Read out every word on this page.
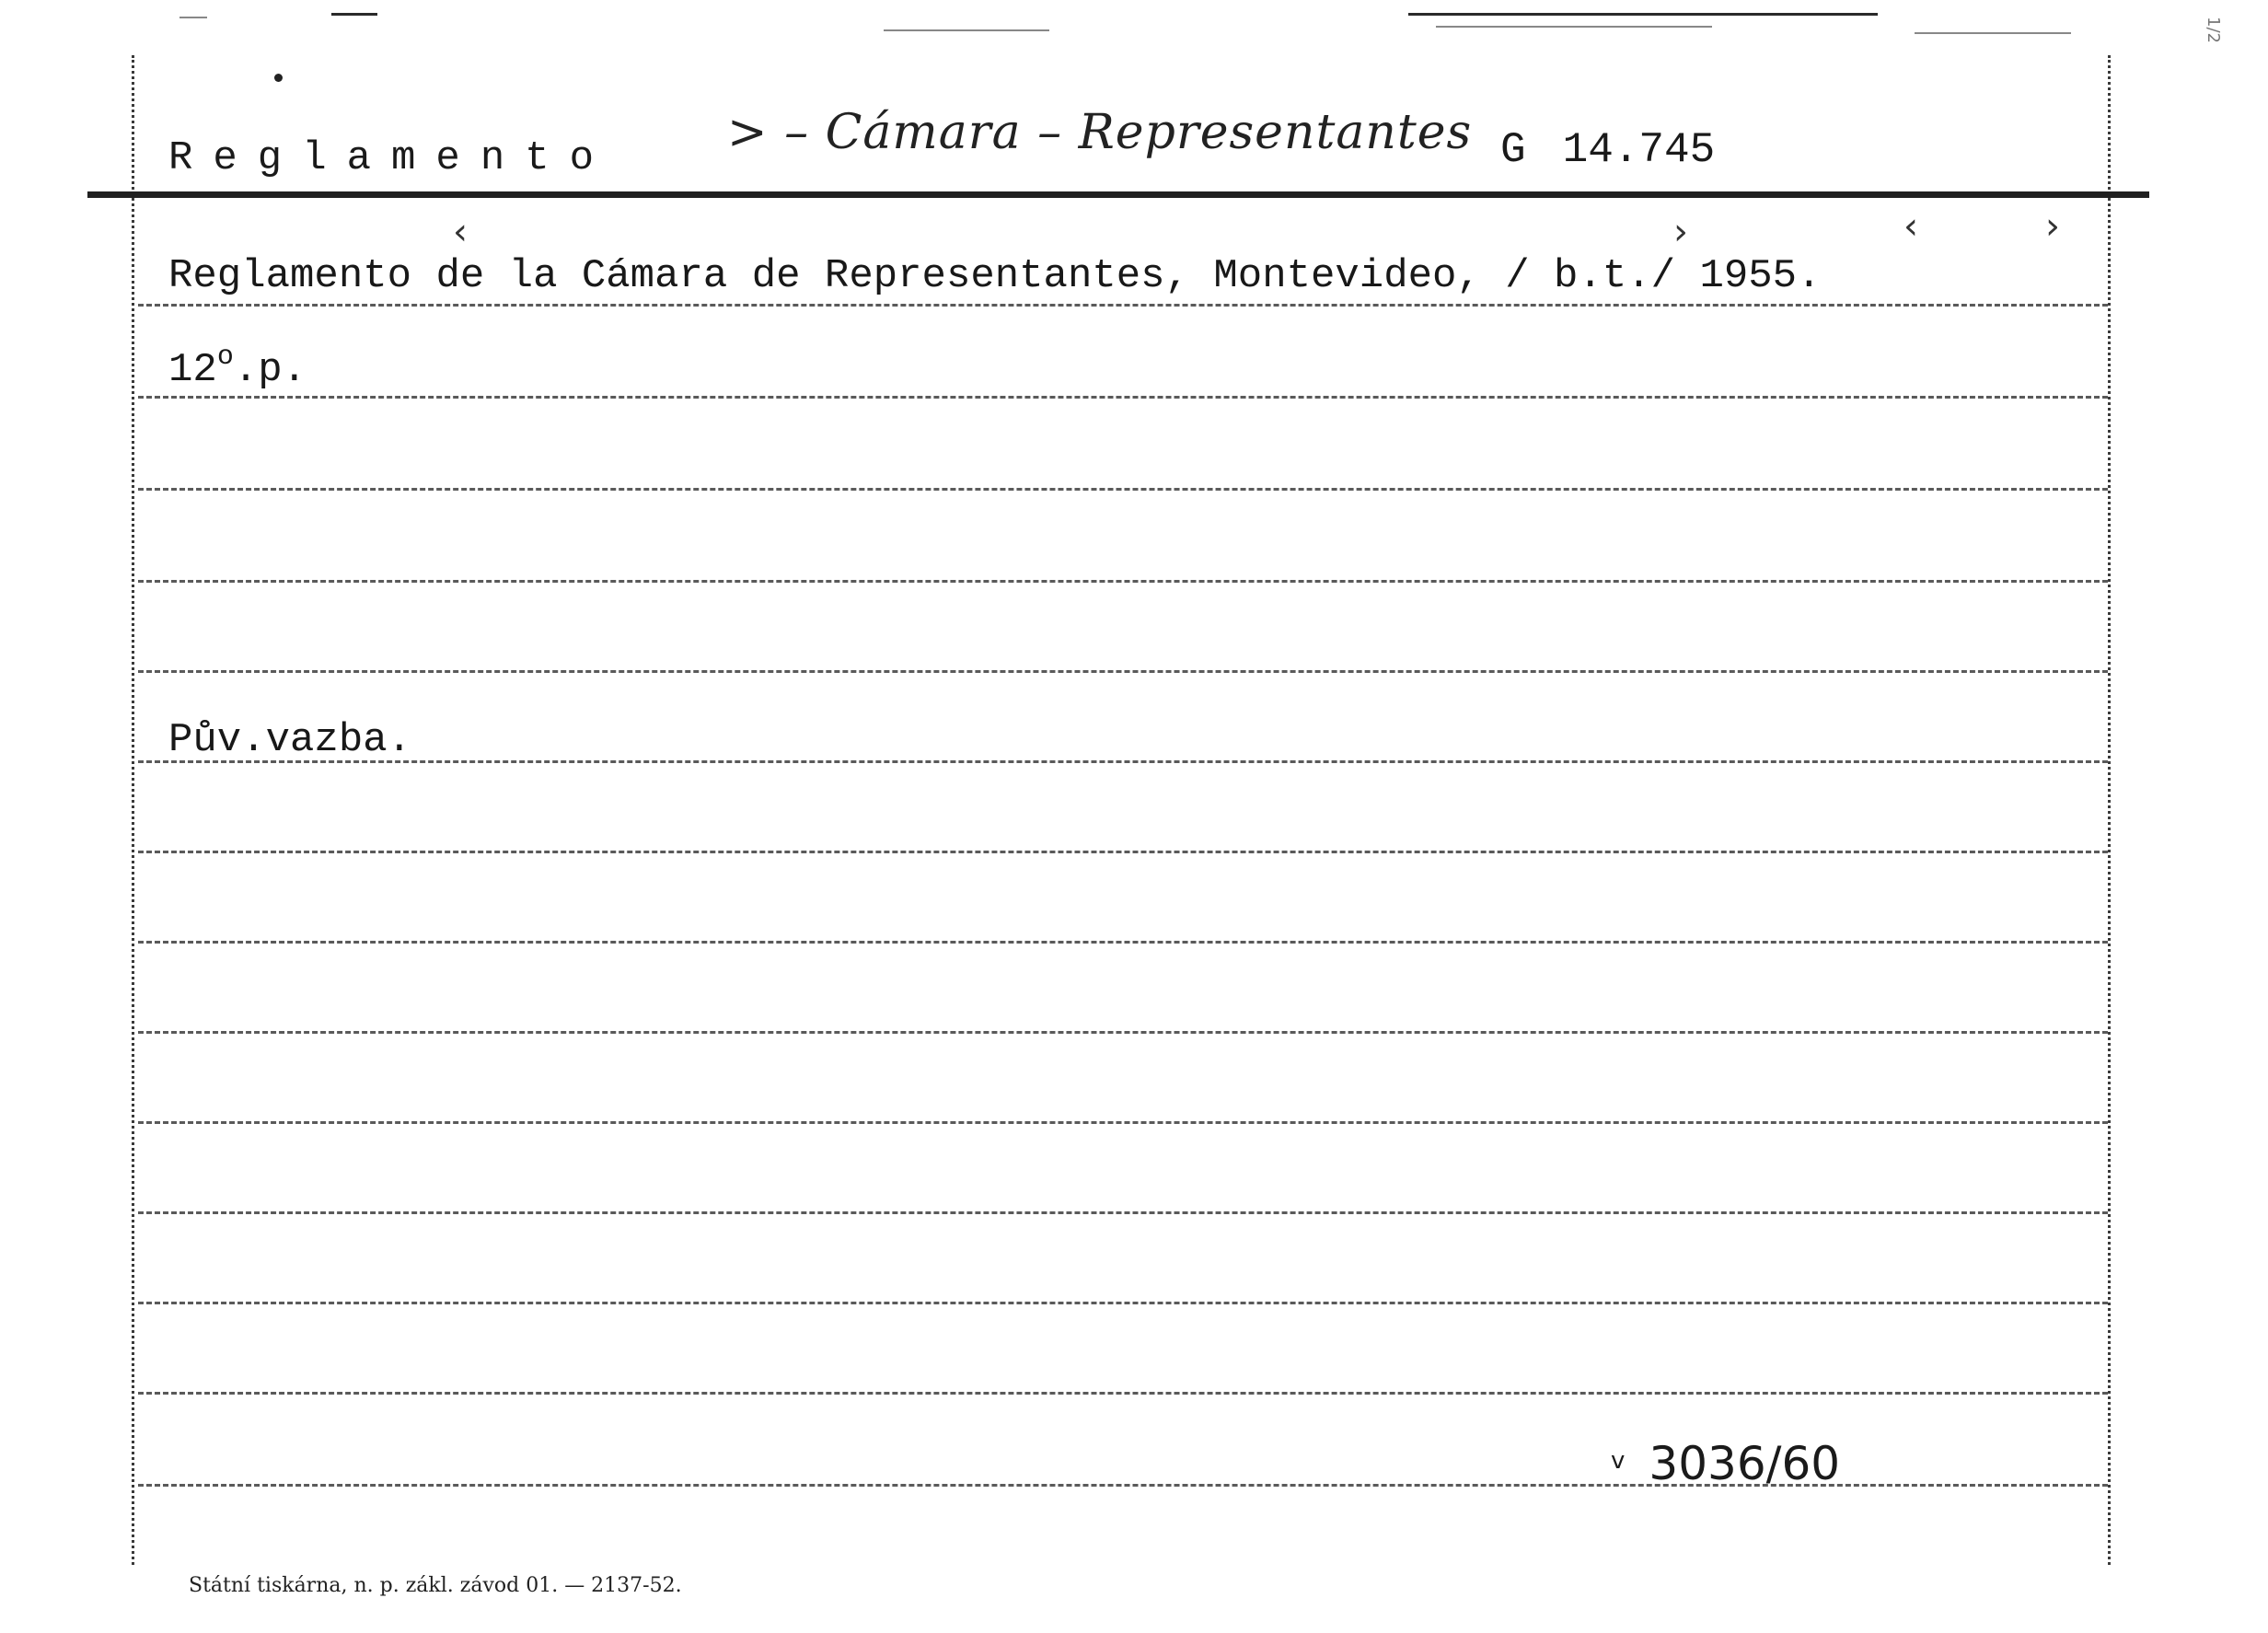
1/2
Reglamento > – Cámara – Representantes G 14.745
‹	›	‹	›
Reglamento de la Cámara de Representantes, Montevideo, / b.t./ 1955.
12$^o$.p.
Pův.vazba.
$^v$ 3036/60
Státní tiskárna, n. p. zákl. závod 01. — 2137-52.
